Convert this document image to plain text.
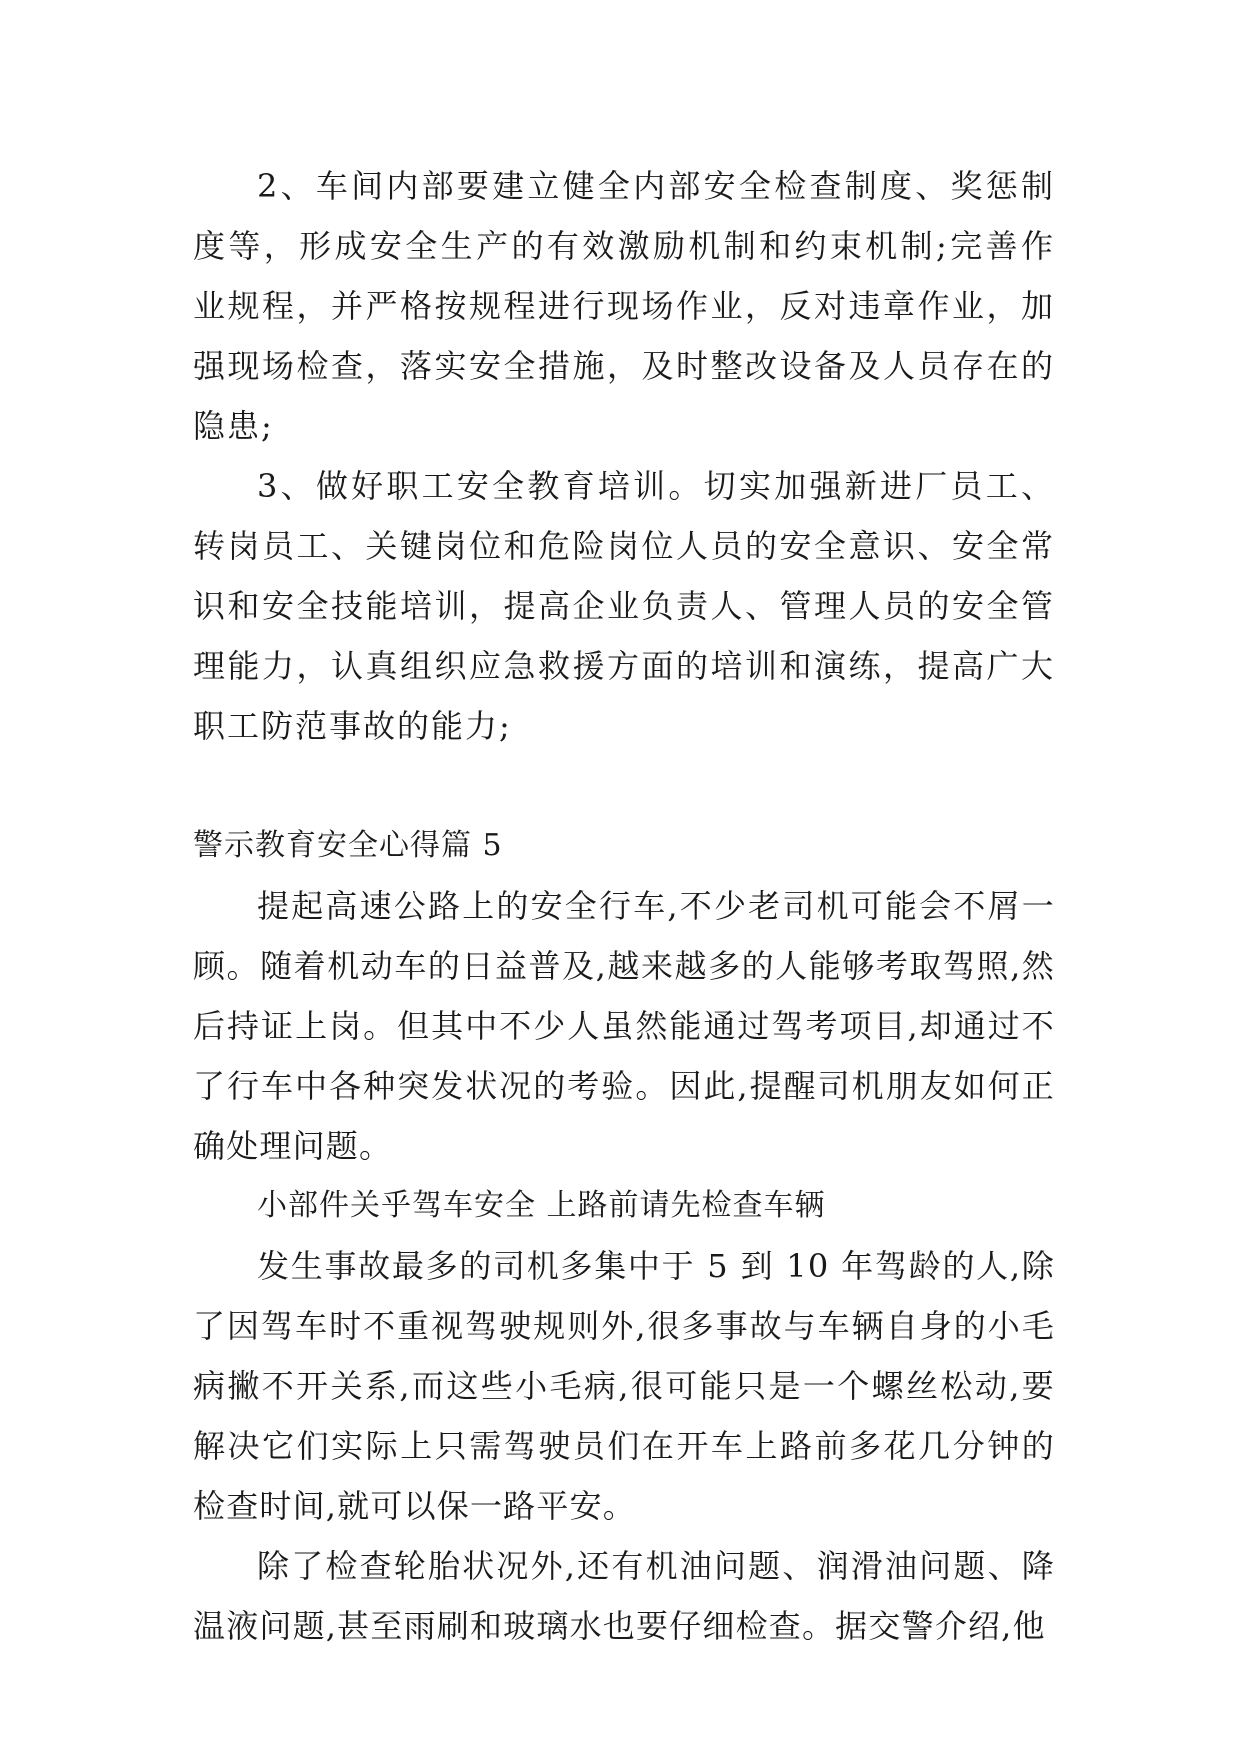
2、车间内部要建立健全内部安全检查制度、奖惩制度等，形成安全生产的有效激励机制和约束机制;完善作业规程，并严格按规程进行现场作业，反对违章作业，加强现场检查，落实安全措施，及时整改设备及人员存在的隐患;

3、做好职工安全教育培训。切实加强新进厂员工、转岗员工、关键岗位和危险岗位人员的安全意识、安全常识和安全技能培训，提高企业负责人、管理人员的安全管理能力，认真组织应急救援方面的培训和演练，提高广大职工防范事故的能力;

警示教育安全心得篇 5

提起高速公路上的安全行车,不少老司机可能会不屑一顾。随着机动车的日益普及,越来越多的人能够考取驾照,然后持证上岗。但其中不少人虽然能通过驾考项目,却通过不了行车中各种突发状况的考验。因此,提醒司机朋友如何正确处理问题。

小部件关乎驾车安全 上路前请先检查车辆

发生事故最多的司机多集中于 5 到 10 年驾龄的人,除了因驾车时不重视驾驶规则外,很多事故与车辆自身的小毛病撇不开关系,而这些小毛病,很可能只是一个螺丝松动,要解决它们实际上只需驾驶员们在开车上路前多花几分钟的检查时间,就可以保一路平安。

除了检查轮胎状况外,还有机油问题、润滑油问题、降温液问题,甚至雨刷和玻璃水也要仔细检查。据交警介绍,他
